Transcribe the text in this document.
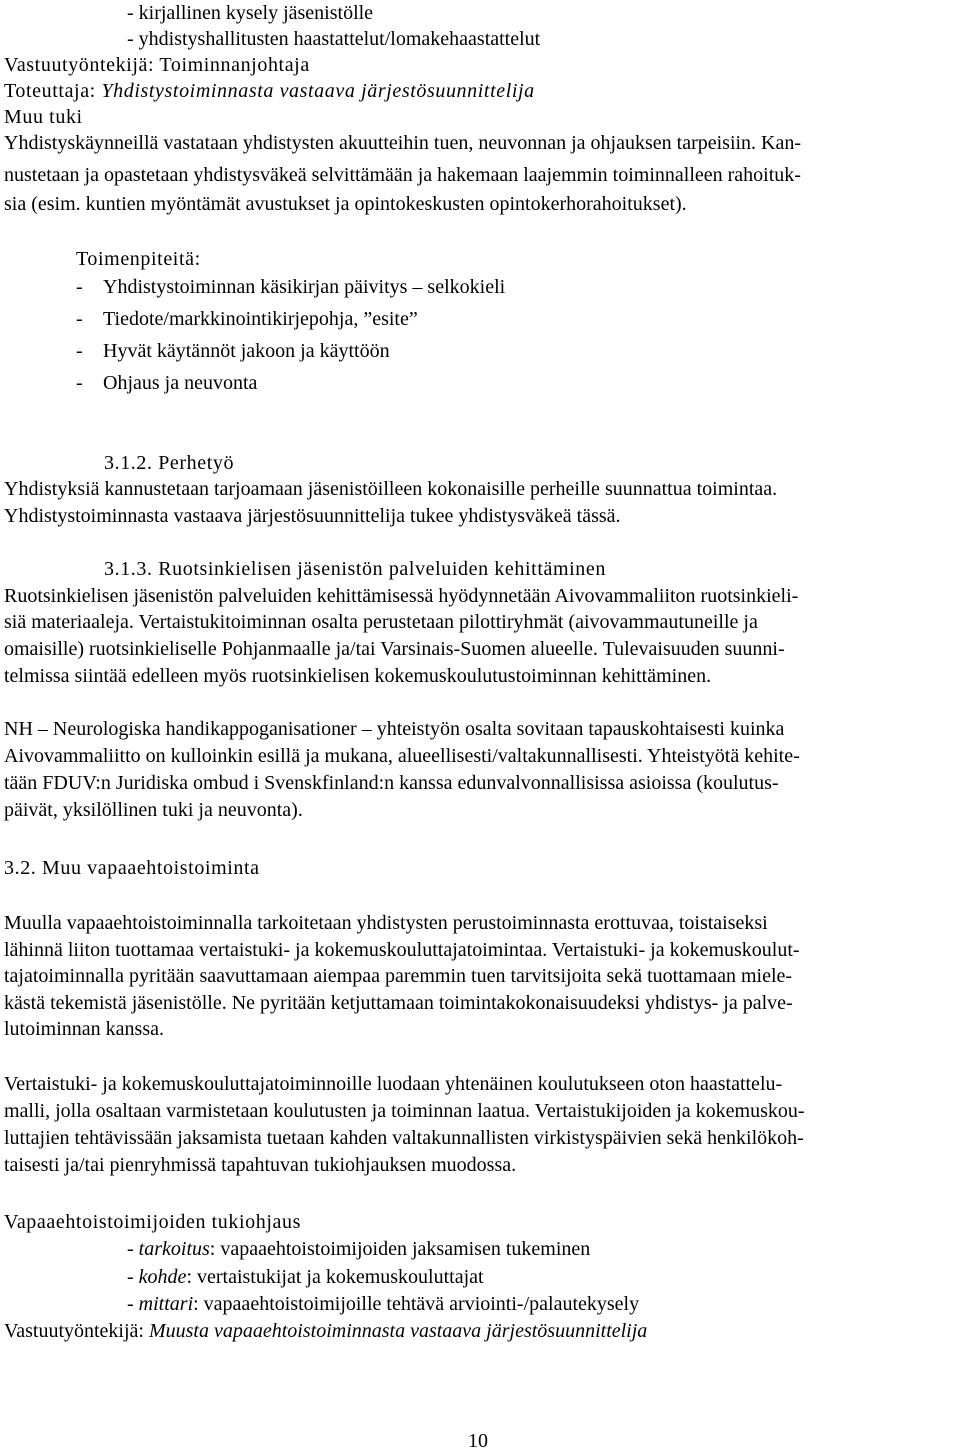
- kirjallinen kysely jäsenistölle
- yhdistyshallitusten haastattelut/lomakehaastattelut
Vastuutyöntekijä: Toiminnanjohtaja
Toteuttaja: Yhdistystoiminnasta vastaava järjestösuunnittelija
Muu tuki
Yhdistyskäynneillä vastataan yhdistysten akuutteihin tuen, neuvonnan ja ohjauksen tarpeisiin. Kan-
nustetaan ja opastetaan yhdistysväkeä selvittämään ja hakemaan laajemmin toiminnalleen rahoituk-
sia (esim. kuntien myöntämät avustukset ja opintokeskusten opintokerhorahoitukset).
Toimenpiteitä:
- Yhdistystoiminnan käsikirjan päivitys – selkokieli
- Tiedote/markkinointikirjepohja, ”esite”
- Hyvät käytännöt jakoon ja käyttöön
- Ohjaus ja neuvonta
3.1.2. Perhetyö
Yhdistyksiä kannustetaan tarjoamaan jäsenistöilleen kokonaisille perheille suunnattua toimintaa.
Yhdistystoiminnasta vastaava järjestösuunnittelija tukee yhdistysväkeä tässä.
3.1.3. Ruotsinkielisen jäsenistön palveluiden kehittäminen
Ruotsinkielisen jäsenistön palveluiden kehittämisessä hyödynnetään Aivovammaliiton ruotsinkieli-
siä materiaaleja. Vertaistukitoiminnan osalta perustetaan pilottiryhmät (aivovammautuneille ja
omaisille) ruotsinkieliselle Pohjanmaalle ja/tai Varsinais-Suomen alueelle. Tulevaisuuden suunni-
telmissa siintää edelleen myös ruotsinkielisen kokemuskoulutustoiminnan kehittäminen.
NH – Neurologiska handikappoganisationer – yhteistyön osalta sovitaan tapauskohtaisesti kuinka
Aivovammaliitto on kulloinkin esillä ja mukana, alueellisesti/valtakunnallisesti. Yhteistyötä kehite-
tään FDUV:n Juridiska ombud i Svenskfinland:n kanssa edunvalvonnallisissa asioissa (koulutus-
päivät, yksilöllinen tuki ja neuvonta).
3.2. Muu vapaaehtoistoiminta
Muulla vapaaehtoistoiminnalla tarkoitetaan yhdistysten perustoiminnasta erottuvaa, toistaiseksi
lähinnä liiton tuottamaa vertaistuki- ja kokemuskouluttajatoimintaa. Vertaistuki- ja kokemuskoulut-
tajatoiminnalla pyritään saavuttamaan aiempaa paremmin tuen tarvitsijoita sekä tuottamaan miele-
kästä tekemistä jäsenistölle. Ne pyritään ketjuttamaan toimintakokonaisuudeksi yhdistys- ja palve-
lutoiminnan kanssa.
Vertaistuki- ja kokemuskouluttajatoiminnoille luodaan yhtenäinen koulutukseen oton haastattelu-
malli, jolla osaltaan varmistetaan koulutusten ja toiminnan laatua. Vertaistukijoiden ja kokemuskou-
luttajien tehtävissään jaksamista tuetaan kahden valtakunnallisten virkistyspäivien sekä henkilökoh-
taisesti ja/tai pienryhmissä tapahtuvan tukiohjauksen muodossa.
Vapaaehtoistoimijoiden tukiohjaus
- tarkoitus: vapaaehtoistoimijoiden jaksamisen tukeminen
- kohde: vertaistukijat ja kokemuskouluttajat
- mittari: vapaaehtoistoimijoille tehtävä arviointi-/palautekysely
Vastuutyöntekijä: Muusta vapaaehtoistoiminnasta vastaava järjestösuunnittelija
10
